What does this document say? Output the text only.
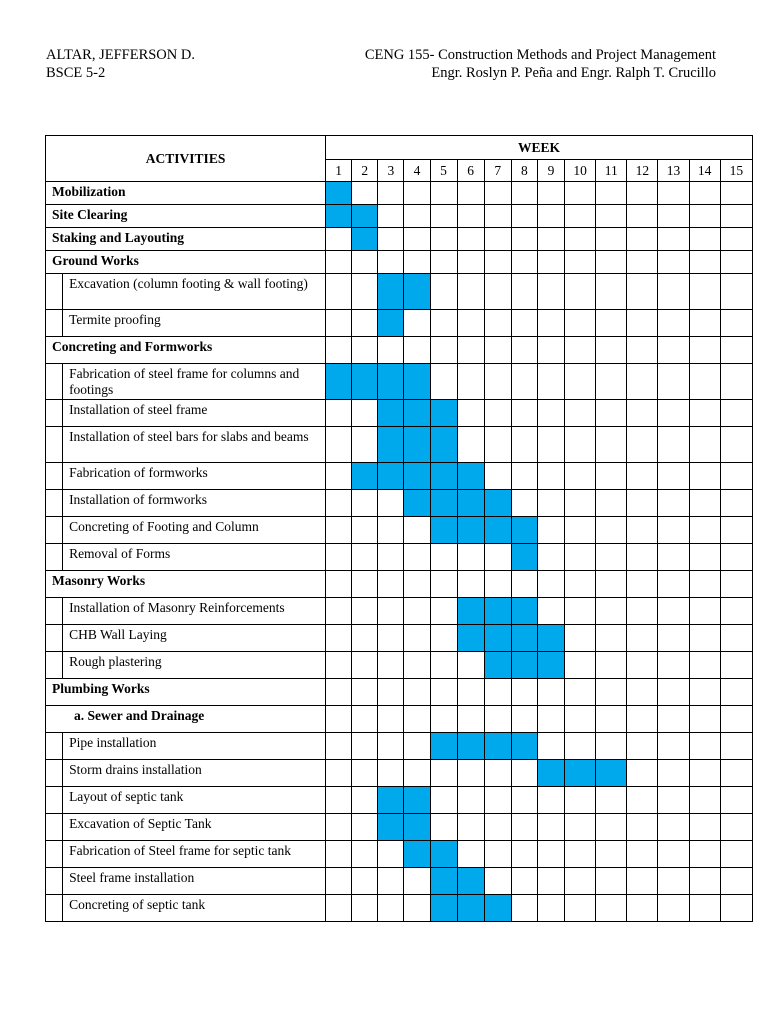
ALTAR, JEFFERSON D.
BSCE 5-2
CENG 155- Construction Methods and Project Management
Engr. Roslyn P. Peña and Engr. Ralph T. Crucillo
ACTIVITIES		WEEK														
		1	2	3	4	5	6	7	8	9	10	11	12	13	14	15

Mobilization																

Site Clearing																

Staking and Layouting																

Ground Works																

	Excavation (column footing & wall footing)															

	Termite proofing															

Concreting and Formworks																

	Fabrication of steel frame for columns and footings															

	Installation of steel frame															

	Installation of steel bars for slabs and beams															

	Fabrication of formworks															

	Installation of formworks															

	Concreting of Footing and Column															

	Removal of Forms															

Masonry Works																

	Installation of Masonry Reinforcements															

	CHB Wall Laying															

	Rough plastering															

Plumbing Works																

a. Sewer and Drainage																

	Pipe installation															

	Storm drains installation															

	Layout of septic tank															

	Excavation of Septic Tank															

	Fabrication of Steel frame for septic tank															

	Steel frame installation															

	Concreting of septic tank															
